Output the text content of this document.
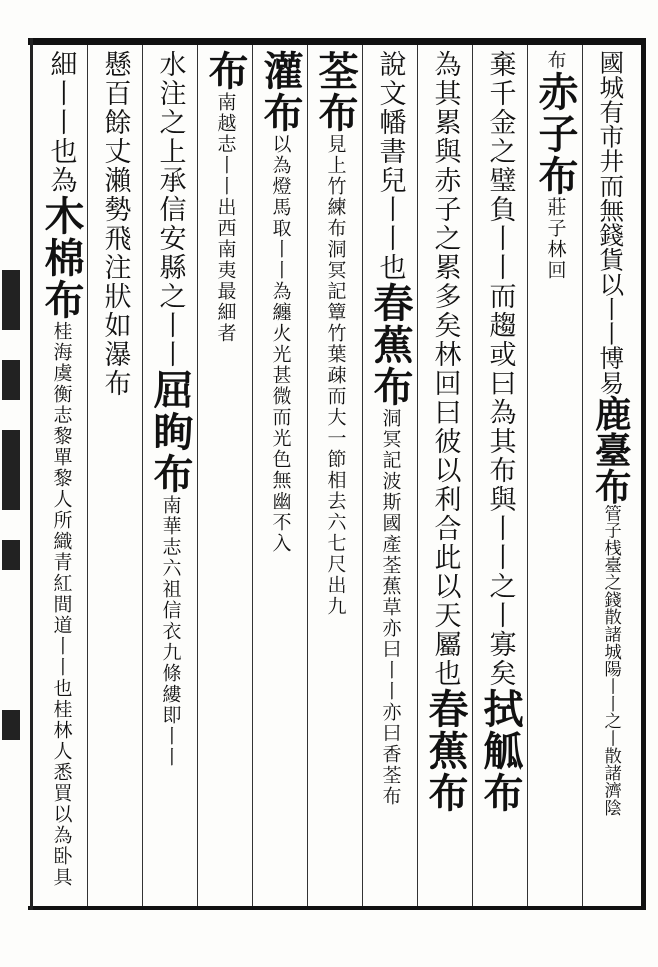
國城有市井而無錢貨以丨丨博易
鹿臺布
管子桟臺之錢散諸城陽丨丨之丨散諸濟陰
布
赤子布
莊子林回
棄千金之璧負丨丨而趨或曰為其布與丨丨之丨寡矣
拭觚布
為其累與赤子之累多矣林回曰彼以利合此以天屬也
春蕉布
說文幡書兒丨丨也
春蕉布
洞冥記波斯國產荃蕉草亦曰丨丨亦曰香荃布
荃布
見上竹練布洞冥記簟竹葉疎而大一節相去六七尺出九
灌布
以為燈馬取丨丨為纏火光甚微而光色無幽不入
布
南越志丨丨出西南夷最細者
水注之上承信安縣之丨丨
屈眴布
南華志六祖信衣九條縷即丨丨
懸百餘丈瀨勢飛注狀如瀑布
細丨丨也為
木棉布
桂海虞衡志黎單黎人所織青紅間道丨丨也桂林人悉買以為卧具
